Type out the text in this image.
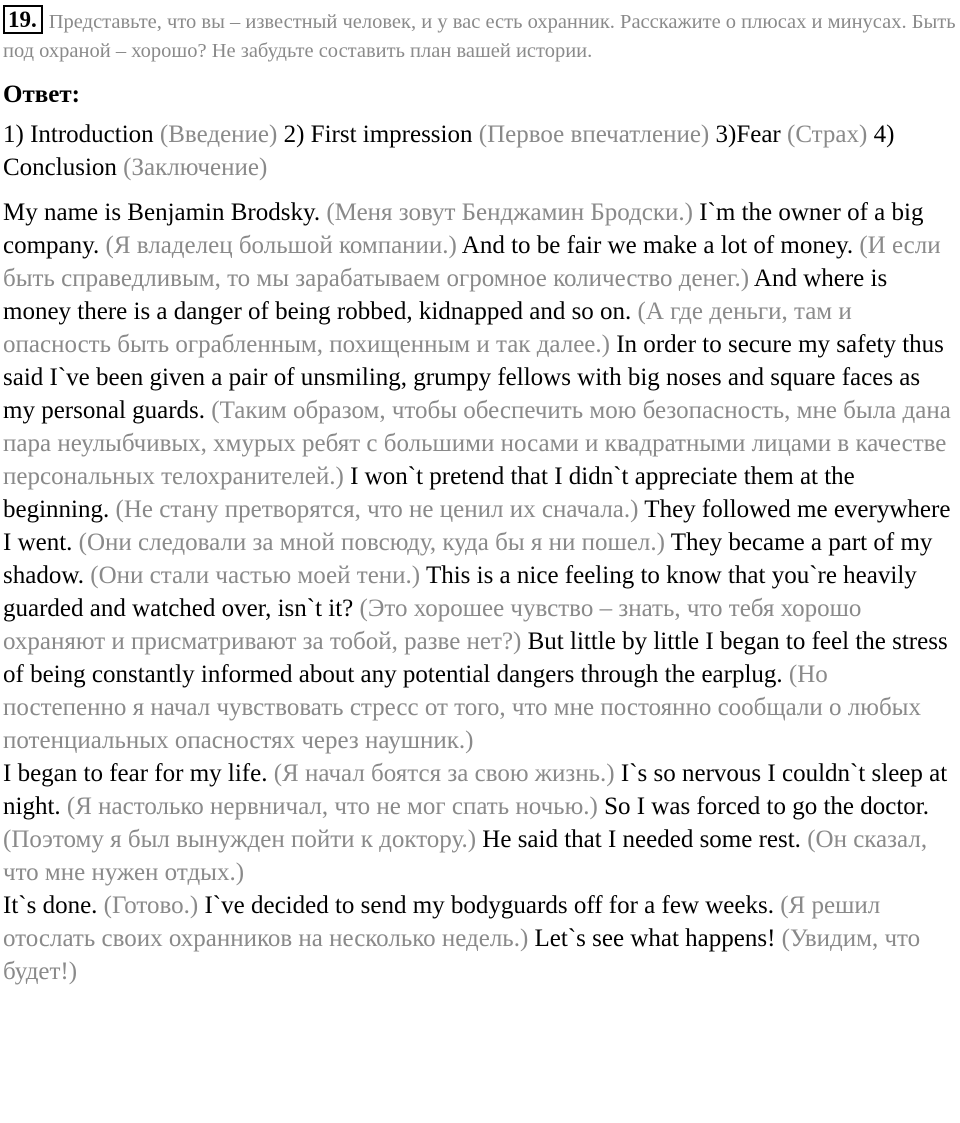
19. Представьте, что вы – известный человек, и у вас есть охранник. Расскажите о плюсах и минусах. Быть под охраной – хорошо? Не забудьте составить план вашей истории.

Ответ:

1) Introduction (Введение) 2) First impression (Первое впечатление) 3)Fear (Страх) 4) Conclusion (Заключение)

My name is Benjamin Brodsky. (Меня зовут Бенджамин Бродски.) I`m the owner of a big company. (Я владелец большой компании.) And to be fair we make a lot of money. (И если быть справедливым, то мы зарабатываем огромное количество денег.) And where is money there is a danger of being robbed, kidnapped and so on. (А где деньги, там и опасность быть ограбленным, похищенным и так далее.) In order to secure my safety thus said I`ve been given a pair of unsmiling, grumpy fellows with big noses and square faces as my personal guards. (Таким образом, чтобы обеспечить мою безопасность, мне была дана пара неулыбчивых, хмурых ребят с большими носами и квадратными лицами в качестве персональных телохранителей.) I won`t pretend that I didn`t appreciate them at the beginning. (Не стану претворятся, что не ценил их сначала.) They followed me everywhere I went. (Они следовали за мной повсюду, куда бы я ни пошел.) They became a part of my shadow. (Они стали частью моей тени.) This is a nice feeling to know that you`re heavily guarded and watched over, isn`t it? (Это хорошее чувство – знать, что тебя хорошо охраняют и присматривают за тобой, разве нет?) But little by little I began to feel the stress of being constantly informed about any potential dangers through the earplug. (Но постепенно я начал чувствовать стресс от того, что мне постоянно сообщали о любых потенциальных опасностях через наушник.)

I began to fear for my life. (Я начал боятся за свою жизнь.) I`s so nervous I couldn`t sleep at night. (Я настолько нервничал, что не мог спать ночью.) So I was forced to go the doctor. (Поэтому я был вынужден пойти к доктору.) He said that I needed some rest. (Он сказал, что мне нужен отдых.)

It`s done. (Готово.) I`ve decided to send my bodyguards off for a few weeks. (Я решил отослать своих охранников на несколько недель.) Let`s see what happens! (Увидим, что будет!)
